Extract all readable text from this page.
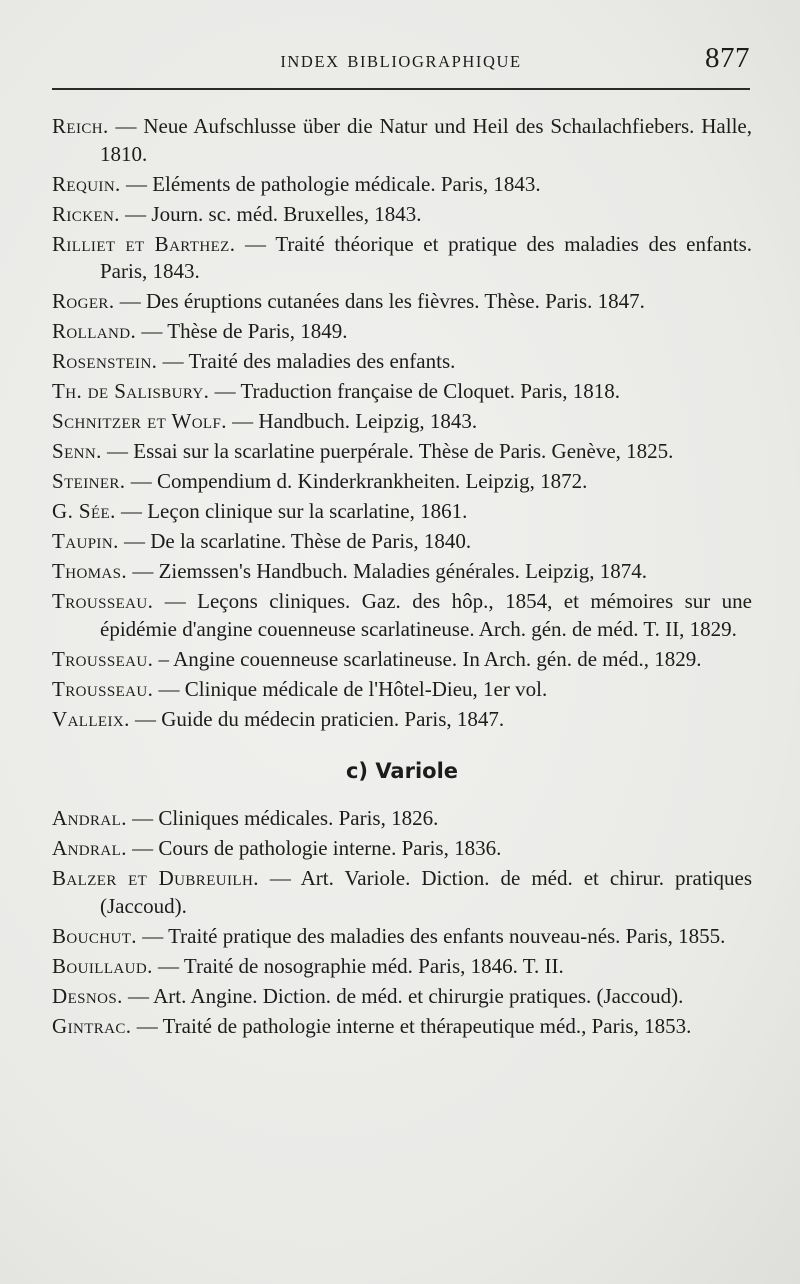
INDEX BIBLIOGRAPHIQUE	877
Reich. — Neue Aufschlusse über die Natur und Heil des Schaılachfiebers. Halle, 1810.
Requin. — Eléments de pathologie médicale. Paris, 1843.
Ricken. — Journ. sc. méd. Bruxelles, 1843.
Rilliet et Barthez. — Traité théorique et pratique des maladies des enfants. Paris, 1843.
Roger. — Des éruptions cutanées dans les fièvres. Thèse. Paris. 1847.
Rolland. — Thèse de Paris, 1849.
Rosenstein. — Traité des maladies des enfants.
Th. de Salisbury. — Traduction française de Cloquet. Paris, 1818.
Schnitzer et Wolf. — Handbuch. Leipzig, 1843.
Senn. — Essai sur la scarlatine puerpérale. Thèse de Paris. Genève, 1825.
Steiner. — Compendium d. Kinderkrankheiten. Leipzig, 1872.
G. Sée. — Leçon clinique sur la scarlatine, 1861.
Taupin. — De la scarlatine. Thèse de Paris, 1840.
Thomas. — Ziemssen's Handbuch. Maladies générales. Leipzig, 1874.
Trousseau. — Leçons cliniques. Gaz. des hôp., 1854, et mémoires sur une épidémie d'angine couenneuse scarlatineuse. Arch. gén. de méd. T. II, 1829.
Trousseau. – Angine couenneuse scarlatineuse. In Arch. gén. de méd., 1829.
Trousseau. — Clinique médicale de l'Hôtel-Dieu, 1er vol.
Valleix. — Guide du médecin praticien. Paris, 1847.
c) Variole
Andral. — Cliniques médicales. Paris, 1826.
Andral. — Cours de pathologie interne. Paris, 1836.
Balzer et Dubreuilh. — Art. Variole. Diction. de méd. et chirur. pratiques (Jaccoud).
Bouchut. — Traité pratique des maladies des enfants nouveau-nés. Paris, 1855.
Bouillaud. — Traité de nosographie méd. Paris, 1846. T. II.
Desnos. — Art. Angine. Diction. de méd. et chirurgie pratiques. (Jaccoud).
Gintrac. — Traité de pathologie interne et thérapeutique méd., Paris, 1853.
